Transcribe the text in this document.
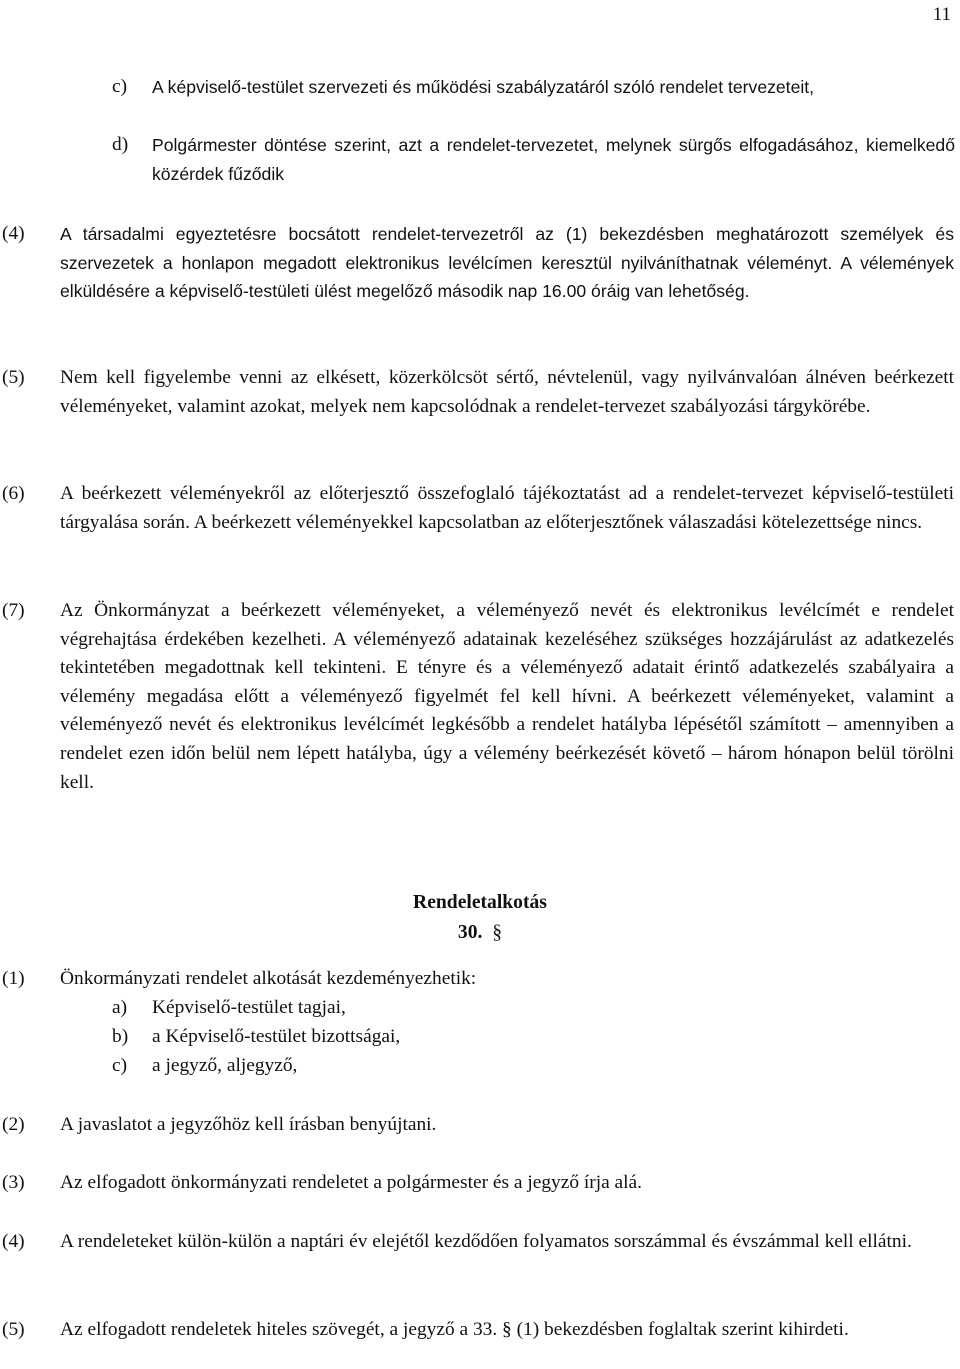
11
c) A képviselő-testület szervezeti és működési szabályzatáról szóló rendelet tervezeteit,
d) Polgármester döntése szerint, azt a rendelet-tervezetet, melynek sürgős elfogadásához, kiemelkedő közérdek fűződik
(4) A társadalmi egyeztetésre bocsátott rendelet-tervezetről az (1) bekezdésben meghatározott személyek és szervezetek a honlapon megadott elektronikus levélcímen keresztül nyilváníthatnak véleményt. A vélemények elküldésére a képviselő-testületi ülést megelőző második nap 16.00 óráig van lehetőség.
(5) Nem kell figyelembe venni az elkésett, közerkölcsöt sértő, névtelenül, vagy nyilvánvalóan álnéven beérkezett véleményeket, valamint azokat, melyek nem kapcsolódnak a rendelet-tervezet szabályozási tárgykörébe.
(6) A beérkezett véleményekről az előterjesztő összefoglaló tájékoztatást ad a rendelet-tervezet képviselő-testületi tárgyalása során. A beérkezett véleményekkel kapcsolatban az előterjesztőnek válaszadási kötelezettsége nincs.
(7) Az Önkormányzat a beérkezett véleményeket, a véleményező nevét és elektronikus levélcímét e rendelet végrehajtása érdekében kezelheti. A véleményező adatainak kezeléséhez szükséges hozzájárulást az adatkezelés tekintetében megadottnak kell tekinteni. E tényre és a véleményező adatait érintő adatkezelés szabályaira a vélemény megadása előtt a véleményező figyelmét fel kell hívni. A beérkezett véleményeket, valamint a véleményező nevét és elektronikus levélcímét legkésőbb a rendelet hatályba lépésétől számított – amennyiben a rendelet ezen időn belül nem lépett hatályba, úgy a vélemény beérkezését követő – három hónapon belül törölni kell.
Rendeletalkotás
30. §
(1) Önkormányzati rendelet alkotását kezdeményezhetik:
a) Képviselő-testület tagjai,
b) a Képviselő-testület bizottságai,
c) a jegyző, aljegyző,
(2) A javaslatot a jegyzőhöz kell írásban benyújtani.
(3) Az elfogadott önkormányzati rendeletet a polgármester és a jegyző írja alá.
(4) A rendeleteket külön-külön a naptári év elejétől kezdődően folyamatos sorszámmal és évszámmal kell ellátni.
(5) Az elfogadott rendeletek hiteles szövegét, a jegyző a 33. § (1) bekezdésben foglaltak szerint kihirdeti.
